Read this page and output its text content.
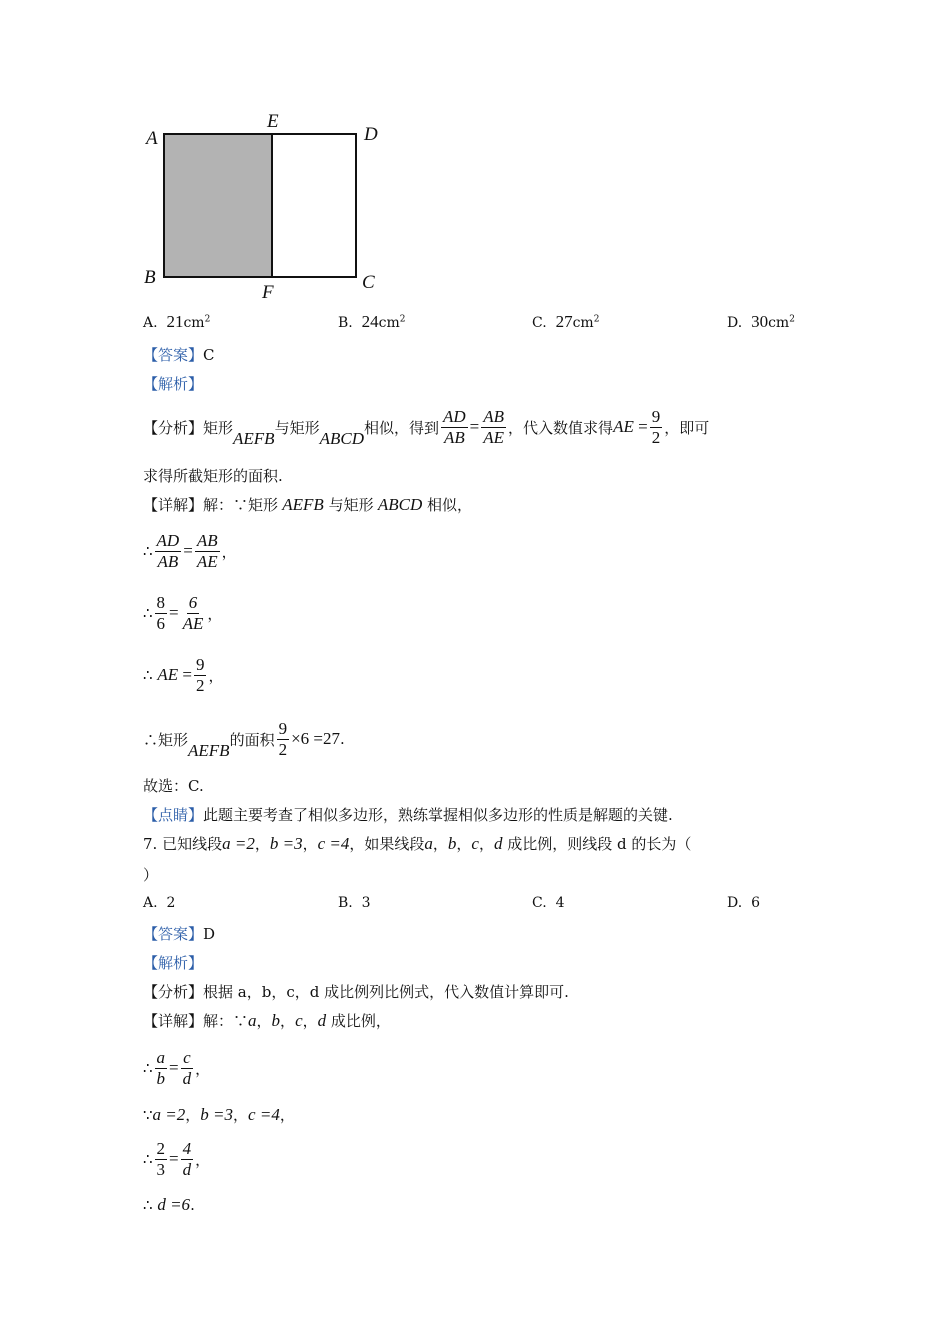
A
E
D
B
F	C
A. $21cm^2$	B. $24cm^2$	C. $27cm^2$	D. $30cm^2$
【答案】C
【解析】
【分析】 矩形
AEFB
与矩形
ABCD
相似，得到 $\frac{AD}{AB} = \frac{AB}{AE}$ ，代入数值求得 AE = $\frac{9}{2}$ ，即可
求得所截矩形的面积.
【详解】 解：∵矩形
AEFB
与矩形
ABCD
相似，
∴ $\frac{AD}{AB} = \frac{AB}{AE}$ ，
∴ $\frac{8}{6} = \frac{6}{AE}$ ，
∴
AE = $\frac{9}{2}$ ，
∴矩形
AEFB
的面积 $\frac{9}{2} \times 6 =27$ .
故选：C.
【点睛】此题主要考查了相似多边形，熟练掌握相似多边形的性质是解题的关键.
7. 已知线段 a =2 ， b =3 ， c =4 ，如果线段 a ， b ， c ， d
成比例，则线段 d 的长为（
）
A. 2	B. 3	C. 4	D. 6
【答案】D
【解析】
【分析】根据 a，b，c，d 成比例列比例式，代入数值计算即可.
【详解】 解：∵ a ， b ， c ， d
成比例，
∴ $\frac{a}{b} = \frac{c}{d}$ ，
∵ a =2 ， b =3 ， c =4 ，
∴ $\frac{2}{3} = \frac{4}{d}$ ，
∴
d =6 .
